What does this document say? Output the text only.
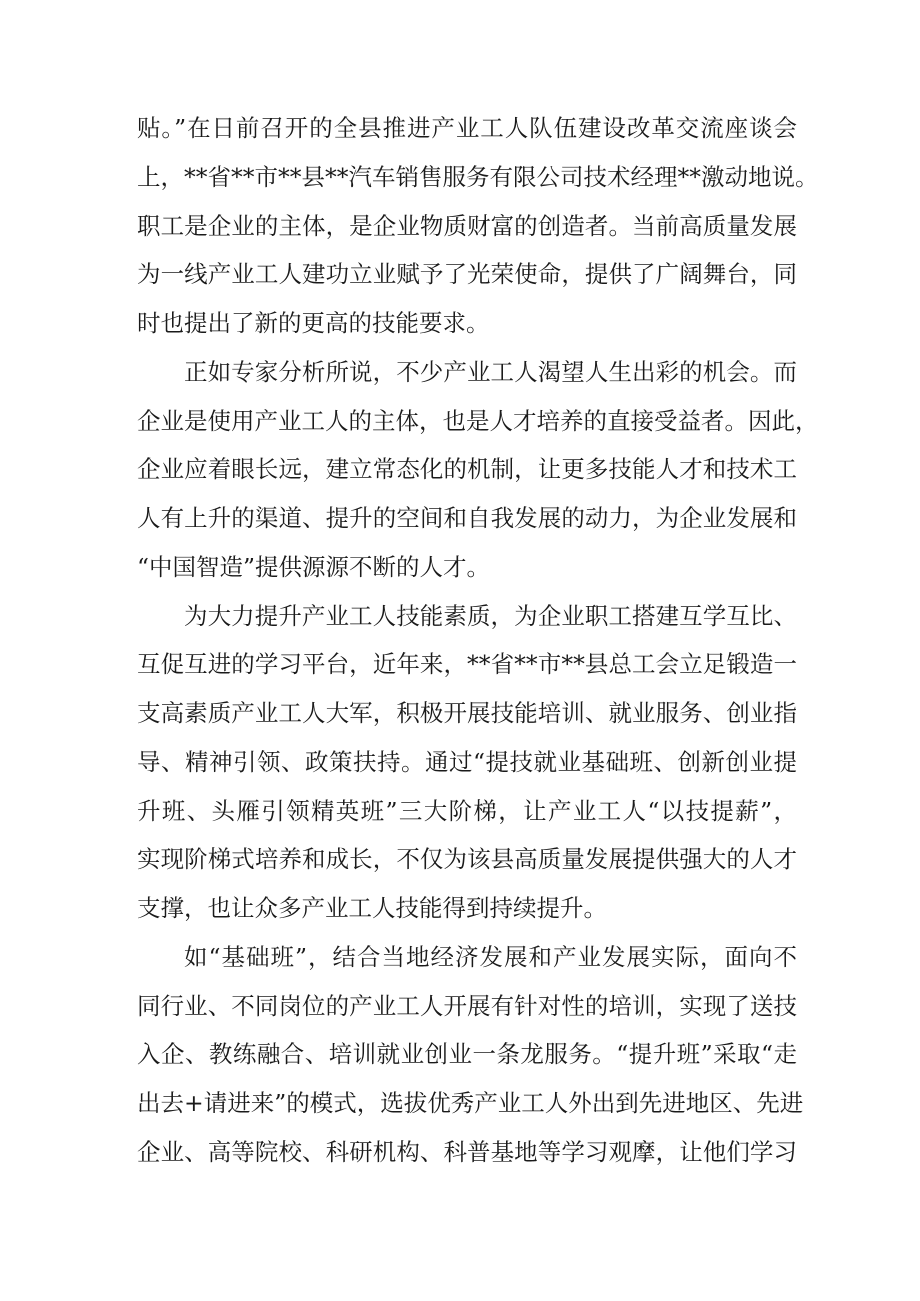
贴。”在日前召开的全县推进产业工人队伍建设改革交流座谈会
上，**省**市**县**汽车销售服务有限公司技术经理**激动地说。
职工是企业的主体，是企业物质财富的创造者。当前高质量发展
为一线产业工人建功立业赋予了光荣使命，提供了广阔舞台，同
时也提出了新的更高的技能要求。
正如专家分析所说，不少产业工人渴望人生出彩的机会。而
企业是使用产业工人的主体，也是人才培养的直接受益者。因此，
企业应着眼长远，建立常态化的机制，让更多技能人才和技术工
人有上升的渠道、提升的空间和自我发展的动力，为企业发展和
“中国智造”提供源源不断的人才。
为大力提升产业工人技能素质，为企业职工搭建互学互比、
互促互进的学习平台，近年来，**省**市**县总工会立足锻造一
支高素质产业工人大军，积极开展技能培训、就业服务、创业指
导、精神引领、政策扶持。通过“提技就业基础班、创新创业提
升班、头雁引领精英班”三大阶梯，让产业工人“以技提薪”，
实现阶梯式培养和成长，不仅为该县高质量发展提供强大的人才
支撑，也让众多产业工人技能得到持续提升。
如“基础班”，结合当地经济发展和产业发展实际，面向不
同行业、不同岗位的产业工人开展有针对性的培训，实现了送技
入企、教练融合、培训就业创业一条龙服务。“提升班”采取“走
出去+请进来”的模式，选拔优秀产业工人外出到先进地区、先进
企业、高等院校、科研机构、科普基地等学习观摩，让他们学习
